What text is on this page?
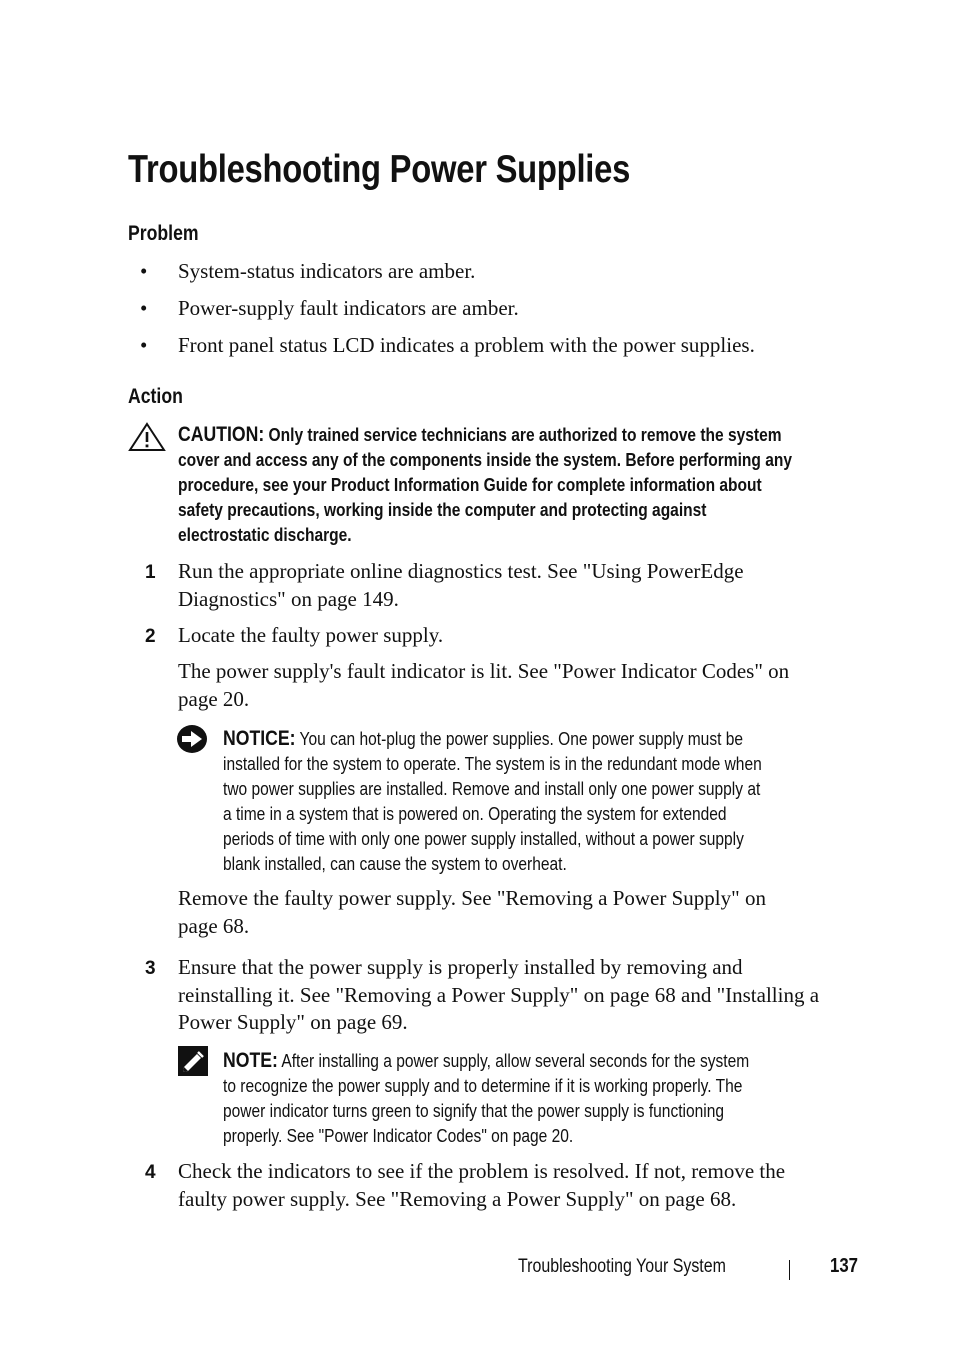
Troubleshooting Power Supplies
Problem
•	System-status indicators are amber.
•	Power-supply fault indicators are amber.
•	Front panel status LCD indicates a problem with the power supplies.
Action
CAUTION: Only trained service technicians are authorized to remove the system
cover and access any of the components inside the system. Before performing any
procedure, see your Product Information Guide for complete information about
safety precautions, working inside the computer and protecting against
electrostatic discharge.
1 Run the appropriate online diagnostics test. See "Using PowerEdge
Diagnostics" on page 149.
2 Locate the faulty power supply.
The power supply's fault indicator is lit. See "Power Indicator Codes" on
page 20.
NOTICE: You can hot-plug the power supplies. One power supply must be
installed for the system to operate. The system is in the redundant mode when
two power supplies are installed. Remove and install only one power supply at
a time in a system that is powered on. Operating the system for extended
periods of time with only one power supply installed, without a power supply
blank installed, can cause the system to overheat.
Remove the faulty power supply. See "Removing a Power Supply" on
page 68.
3 Ensure that the power supply is properly installed by removing and
reinstalling it. See "Removing a Power Supply" on page 68 and "Installing a
Power Supply" on page 69.
NOTE: After installing a power supply, allow several seconds for the system
to recognize the power supply and to determine if it is working properly. The
power indicator turns green to signify that the power supply is functioning
properly. See "Power Indicator Codes" on page 20.
4 Check the indicators to see if the problem is resolved. If not, remove the
faulty power supply. See "Removing a Power Supply" on page 68.
Troubleshooting Your System	137
